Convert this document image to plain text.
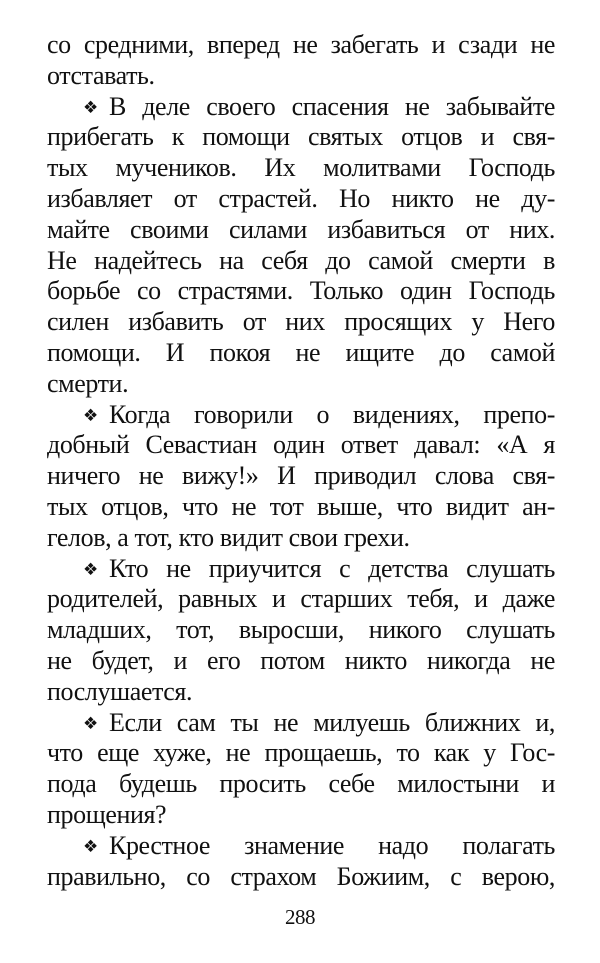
со средними, вперед не забегать и сзади не
отставать.
❖ В деле своего спасения не забывайте
прибегать к помощи святых отцов и свя-
тых мучеников. Их молитвами Господь
избавляет от страстей. Но никто не ду-
майте своими силами избавиться от них.
Не надейтесь на себя до самой смерти в
борьбе со страстями. Только один Господь
силен избавить от них просящих у Него
помощи. И покоя не ищите до самой
смерти.
❖ Когда говорили о видениях, препо-
добный Севастиан один ответ давал: «А я
ничего не вижу!» И приводил слова свя-
тых отцов, что не тот выше, что видит ан-
гелов, а тот, кто видит свои грехи.
❖ Кто не приучится с детства слушать
родителей, равных и старших тебя, и даже
младших, тот, выросши, никого слушать
не будет, и его потом никто никогда не
послушается.
❖ Если сам ты не милуешь ближних и,
что еще хуже, не прощаешь, то как у Гос-
пода будешь просить себе милостыни и
прощения?
❖ Крестное знамение надо полагать
правильно, со страхом Божиим, с верою,
288
